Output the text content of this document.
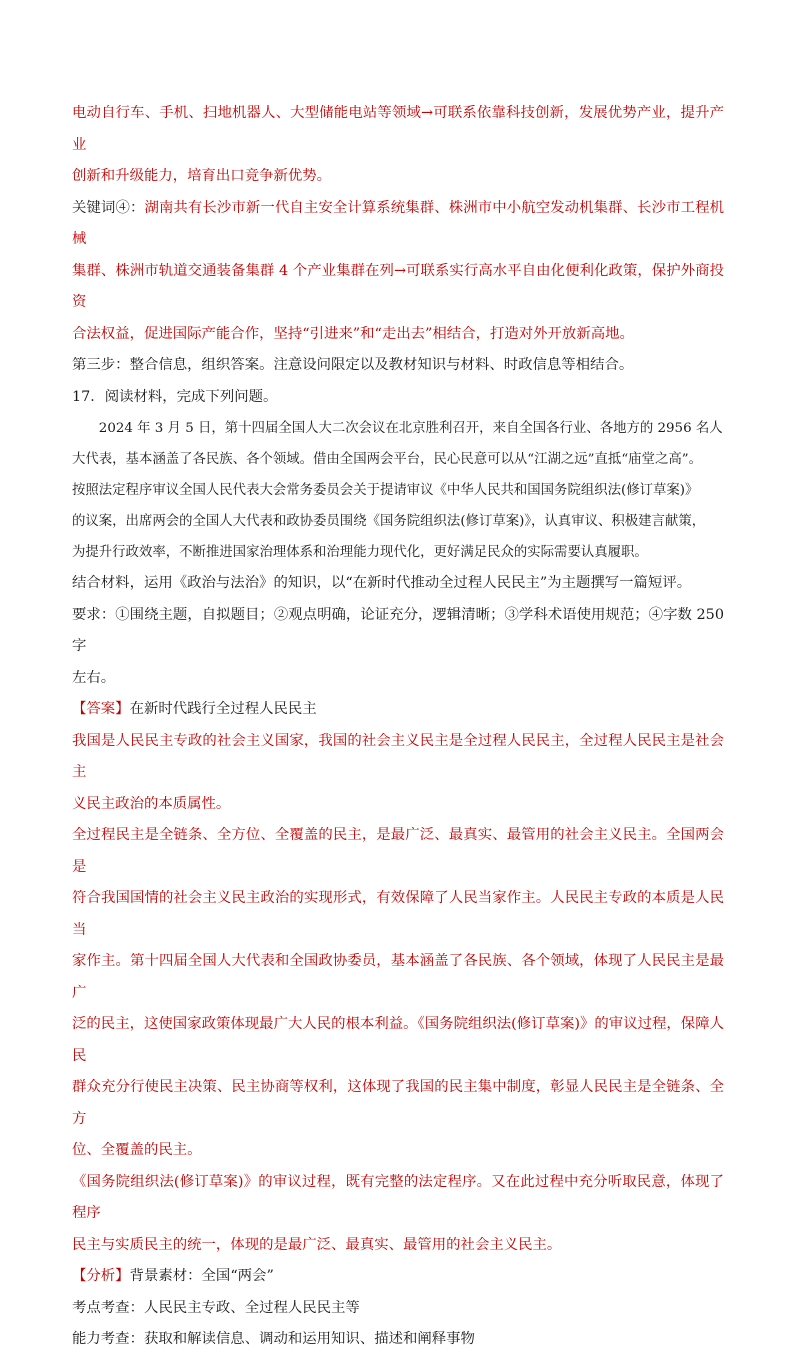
电动自行车、手机、扫地机器人、大型储能电站等领域→可联系依靠科技创新，发展优势产业，提升产业

创新和升级能力，培育出口竞争新优势。

关键词④：湖南共有长沙市新一代自主安全计算系统集群、株洲市中小航空发动机集群、长沙市工程机械

集群、株洲市轨道交通装备集群 4 个产业集群在列→可联系实行高水平自由化便利化政策，保护外商投资

合法权益，促进国际产能合作，坚持“引进来”和“走出去”相结合，打造对外开放新高地。

第三步：整合信息，组织答案。注意设问限定以及教材知识与材料、时政信息等相结合。

17．阅读材料，完成下列问题。

2024 年 3 月 5 日，第十四届全国人大二次会议在北京胜利召开，来自全国各行业、各地方的 2956 名人

大代表，基本涵盖了各民族、各个领域。借由全国两会平台，民心民意可以从“江湖之远”直抵“庙堂之高”。

按照法定程序审议全国人民代表大会常务委员会关于提请审议《中华人民共和国国务院组织法(修订草案)》

的议案，出席两会的全国人大代表和政协委员围绕《国务院组织法(修订草案)》，认真审议、积极建言献策，

为提升行政效率，不断推进国家治理体系和治理能力现代化，更好满足民众的实际需要认真履职。

结合材料，运用《政治与法治》的知识，以“在新时代推动全过程人民民主”为主题撰写一篇短评。

要求：①围绕主题，自拟题目；②观点明确，论证充分，逻辑清晰；③学科术语使用规范；④字数 250 字

左右。

【答案】在新时代践行全过程人民民主

我国是人民民主专政的社会主义国家，我国的社会主义民主是全过程人民民主，全过程人民民主是社会主

义民主政治的本质属性。

全过程民主是全链条、全方位、全覆盖的民主，是最广泛、最真实、最管用的社会主义民主。全国两会是

符合我国国情的社会主义民主政治的实现形式，有效保障了人民当家作主。人民民主专政的本质是人民当

家作主。第十四届全国人大代表和全国政协委员，基本涵盖了各民族、各个领域，体现了人民民主是最广

泛的民主，这使国家政策体现最广大人民的根本利益。《国务院组织法(修订草案)》的审议过程，保障人民

群众充分行使民主决策、民主协商等权利，这体现了我国的民主集中制度，彰显人民民主是全链条、全方

位、全覆盖的民主。

《国务院组织法(修订草案)》的审议过程，既有完整的法定程序。又在此过程中充分听取民意，体现了程序

民主与实质民主的统一，体现的是最广泛、最真实、最管用的社会主义民主。

【分析】背景素材：全国“两会”

考点考查：人民民主专政、全过程人民民主等

能力考查：获取和解读信息、调动和运用知识、描述和阐释事物
